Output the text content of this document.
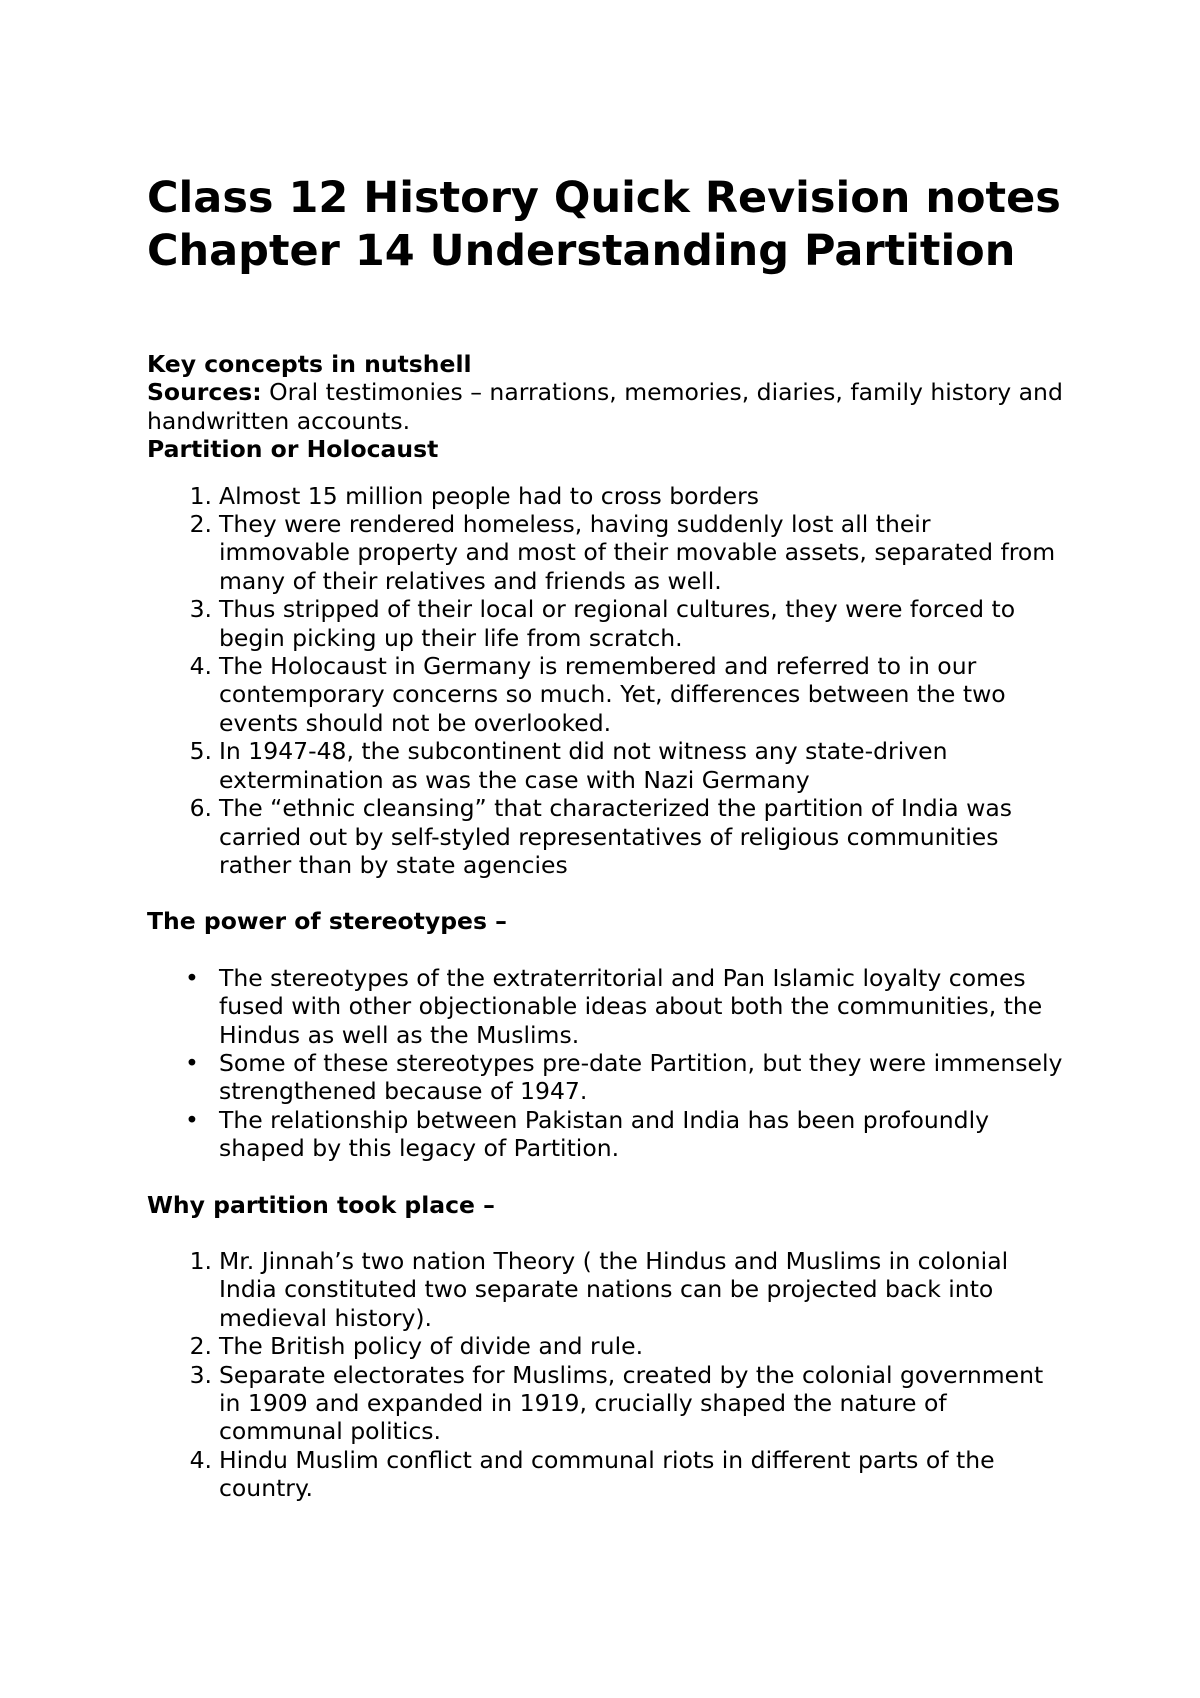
Class 12 History Quick Revision notes Chapter 14 Understanding Partition

Key concepts in nutshell

Sources: Oral testimonies – narrations, memories, diaries, family history and handwritten accounts.

Partition or Holocaust

1. Almost 15 million people had to cross borders
2. They were rendered homeless, having suddenly lost all their immovable property and most of their movable assets, separated from many of their relatives and friends as well.
3. Thus stripped of their local or regional cultures, they were forced to begin picking up their life from scratch.
4. The Holocaust in Germany is remembered and referred to in our contemporary concerns so much. Yet, differences between the two events should not be overlooked.
5. In 1947-48, the subcontinent did not witness any state-driven extermination as was the case with Nazi Germany
6. The “ethnic cleansing” that characterized the partition of India was carried out by self-styled representatives of religious communities rather than by state agencies

The power of stereotypes –

• The stereotypes of the extraterritorial and Pan Islamic loyalty comes fused with other objectionable ideas about both the communities, the Hindus as well as the Muslims.
• Some of these stereotypes pre-date Partition, but they were immensely strengthened because of 1947.
• The relationship between Pakistan and India has been profoundly shaped by this legacy of Partition.

Why partition took place –

1. Mr. Jinnah’s two nation Theory ( the Hindus and Muslims in colonial India constituted two separate nations can be projected back into medieval history).
2. The British policy of divide and rule.
3. Separate electorates for Muslims, created by the colonial government in 1909 and expanded in 1919, crucially shaped the nature of communal politics.
4. Hindu Muslim conflict and communal riots in different parts of the country.
